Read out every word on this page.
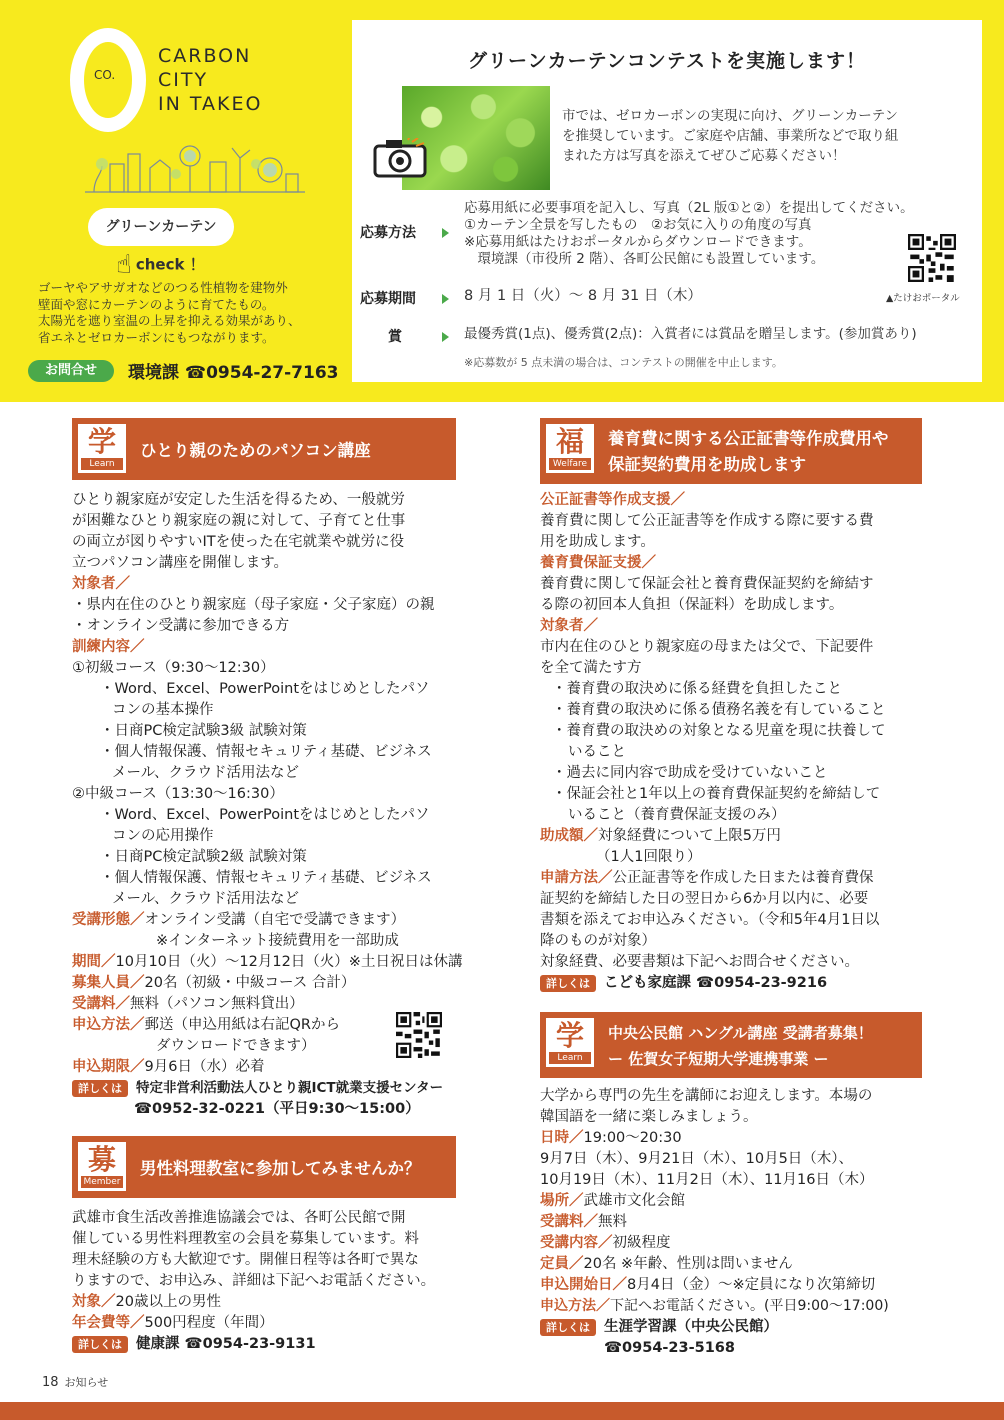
CO.
CARBON
CITY
IN TAKEO
グリーンカーテン
☝ check ！
ゴーヤやアサガオなどのつる性植物を建物外
壁面や窓にカーテンのように育てたもの。
太陽光を遮り室温の上昇を抑える効果があり、
省エネとゼロカーボンにもつながります。
お問合せ	環境課 ☎0954-27-7163
グリーンカーテンコンテストを実施します！
市では、ゼロカーボンの実現に向け、グリーンカーテン
を推奨しています。ご家庭や店舗、事業所などで取り組
まれた方は写真を添えてぜひご応募ください！
応募方法
応募用紙に必要事項を記入し、写真（2L 版①と②）を提出してください。
①カーテン全景を写したもの　②お気に入りの角度の写真
※応募用紙はたけおポータルからダウンロードできます。
　環境課（市役所 2 階）、各町公民館にも設置しています。
▲たけおポータル
応募期間	8 月 1 日（火）～ 8 月 31 日（木）
賞	最優秀賞(1点)、優秀賞(2点)：入賞者には賞品を贈呈します。(参加賞あり)
※応募数が 5 点未満の場合は、コンテストの開催を中止します。
学
Learn
ひとり親のためのパソコン講座
ひとり親家庭が安定した生活を得るため、一般就労
が困難なひとり親家庭の親に対して、子育てと仕事
の両立が図りやすいITを使った在宅就業や就労に役
立つパソコン講座を開催します。
対象者／
・県内在住のひとり親家庭（母子家庭・父子家庭）の親
・オンライン受講に参加できる方
訓練内容／
①初級コース（9:30～12:30）
・Word、Excel、PowerPointをはじめとしたパソ
コンの基本操作
・日商PC検定試験3級 試験対策
・個人情報保護、情報セキュリティ基礎、ビジネス
メール、クラウド活用法など
②中級コース（13:30～16:30）
・Word、Excel、PowerPointをはじめとしたパソ
コンの応用操作
・日商PC検定試験2級 試験対策
・個人情報保護、情報セキュリティ基礎、ビジネス
メール、クラウド活用法など
受講形態／オンライン受講（自宅で受講できます）
※インターネット接続費用を一部助成
期間／10月10日（火）～12月12日（火）※土日祝日は休講
募集人員／20名（初級・中級コース 合計）
受講料／無料（パソコン無料貸出）
申込方法／郵送（申込用紙は右記QRから
ダウンロードできます）
申込期限／9月6日（水）必着
詳しくは 特定非営利活動法人ひとり親ICT就業支援センター
☎0952-32-0221（平日9:30～15:00）
募
Member
男性料理教室に参加してみませんか？
武雄市食生活改善推進協議会では、各町公民館で開
催している男性料理教室の会員を募集しています。料
理未経験の方も大歓迎です。開催日程等は各町で異な
りますので、お申込み、詳細は下記へお電話ください。
対象／20歳以上の男性
年会費等／500円程度（年間）
詳しくは 健康課 ☎0954-23-9131
福
Welfare
養育費に関する公正証書等作成費用や
保証契約費用を助成します
公正証書等作成支援／
養育費に関して公正証書等を作成する際に要する費
用を助成します。
養育費保証支援／
養育費に関して保証会社と養育費保証契約を締結す
る際の初回本人負担（保証料）を助成します。
対象者／
市内在住のひとり親家庭の母または父で、下記要件
を全て満たす方
・養育費の取決めに係る経費を負担したこと
・養育費の取決めに係る債務名義を有していること
・養育費の取決めの対象となる児童を現に扶養して
いること
・過去に同内容で助成を受けていないこと
・保証会社と1年以上の養育費保証契約を締結して
いること（養育費保証支援のみ）
助成額／対象経費について上限5万円
（1人1回限り）
申請方法／公正証書等を作成した日または養育費保
証契約を締結した日の翌日から6か月以内に、必要
書類を添えてお申込みください。（令和5年4月1日以
降のものが対象）
対象経費、必要書類は下記へお問合せください。
詳しくは こども家庭課 ☎0954-23-9216
学
Learn
中央公民館 ハングル講座 受講者募集！
ー 佐賀女子短期大学連携事業 ー
大学から専門の先生を講師にお迎えします。本場の
韓国語を一緒に楽しみましょう。
日時／19:00～20:30
9月7日（木）、9月21日（木）、10月5日（木）、
10月19日（木）、11月2日（木）、11月16日（木）
場所／武雄市文化会館
受講料／無料
受講内容／初級程度
定員／20名 ※年齢、性別は問いません
申込開始日／8月4日（金）～※定員になり次第締切
申込方法／下記へお電話ください。(平日9:00～17:00)
詳しくは 生涯学習課（中央公民館）
☎0954-23-5168
18 お知らせ
